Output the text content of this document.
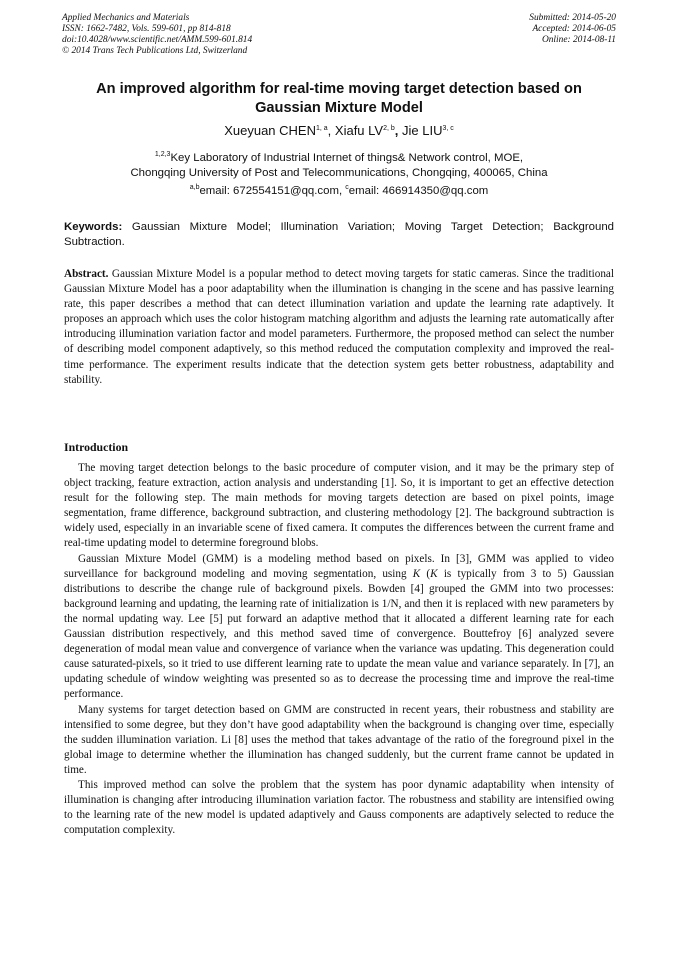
Applied Mechanics and Materials
ISSN: 1662-7482, Vols. 599-601, pp 814-818
doi:10.4028/www.scientific.net/AMM.599-601.814
© 2014 Trans Tech Publications Ltd, Switzerland
Submitted: 2014-05-20
Accepted: 2014-06-05
Online: 2014-08-11
An improved algorithm for real-time moving target detection based on
Gaussian Mixture Model
Xueyuan CHEN$^{1, a}$, Xiafu LV$^{2, b}$, Jie LIU$^{3, c}$
$^{1,2,3}$Key Laboratory of Industrial Internet of things& Network control, MOE,
Chongqing University of Post and Telecommunications, Chongqing, 400065, China
$^{a,b}$email: 672554151@qq.com, $^c$email: 466914350@qq.com
Keywords: Gaussian Mixture Model; Illumination Variation; Moving Target Detection; Background Subtraction.
Abstract. Gaussian Mixture Model is a popular method to detect moving targets for static cameras. Since the traditional Gaussian Mixture Model has a poor adaptability when the illumination is changing in the scene and has passive learning rate, this paper describes a method that can detect illumination variation and update the learning rate adaptively. It proposes an approach which uses the color histogram matching algorithm and adjusts the learning rate automatically after introducing illumination variation factor and model parameters. Furthermore, the proposed method can select the number of describing model component adaptively, so this method reduced the computation complexity and improved the real-time performance. The experiment results indicate that the detection system gets better robustness, adaptability and stability.
Introduction

The moving target detection belongs to the basic procedure of computer vision, and it may be the primary step of object tracking, feature extraction, action analysis and understanding [1]. So, it is important to get an effective detection result for the following step. The main methods for moving targets detection are based on pixel points, image segmentation, frame difference, background subtraction, and clustering methodology [2]. The background subtraction is widely used, especially in an invariable scene of fixed camera. It computes the differences between the current frame and real-time updating model to determine foreground blobs.

Gaussian Mixture Model (GMM) is a modeling method based on pixels. In [3], GMM was applied to video surveillance for background modeling and moving segmentation, using K (K is typically from 3 to 5) Gaussian distributions to describe the change rule of background pixels. Bowden [4] grouped the GMM into two processes: background learning and updating, the learning rate of initialization is 1/N, and then it is replaced with new parameters by the normal updating way. Lee [5] put forward an adaptive method that it allocated a different learning rate for each Gaussian distribution respectively, and this method saved time of convergence. Bouttefroy [6] analyzed severe degeneration of modal mean value and convergence of variance when the variance was updating. This degeneration could cause saturated-pixels, so it tried to use different learning rate to update the mean value and variance separately. In [7], an updating schedule of window weighting was presented so as to decrease the processing time and improve the real-time performance.

Many systems for target detection based on GMM are constructed in recent years, their robustness and stability are intensified to some degree, but they don’t have good adaptability when the background is changing over time, especially the sudden illumination variation. Li [8] uses the method that takes advantage of the ratio of the foreground pixel in the global image to determine whether the illumination has changed suddenly, but the current frame cannot be updated in time.

This improved method can solve the problem that the system has poor dynamic adaptability when intensity of illumination is changing after introducing illumination variation factor. The robustness and stability are intensified owing to the learning rate of the new model is updated adaptively and Gauss components are adaptively selected to reduce the computation complexity.
